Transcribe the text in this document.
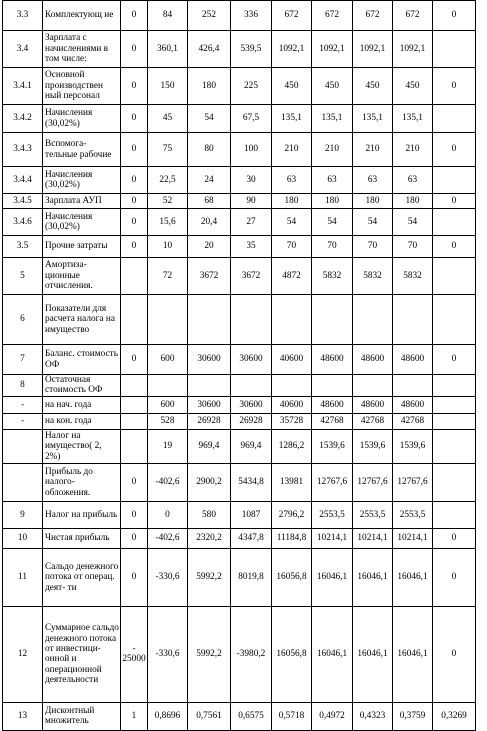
3.3	Комплектующ ие	0	84	252	336	672	672	672	672	0
3.4	Зарплата с начислениями в том числе:	0	360,1	426,4	539,5	1092,1	1092,1	1092,1	1092,1	
3.4.1	Основной производствен ный персонал	0	150	180	225	450	450	450	450	0
3.4.2	Начисления (30,02%)	0	45	54	67,5	135,1	135,1	135,1	135,1	
3.4.3	Вспомога- тельные рабочие	0	75	80	100	210	210	210	210	0
3.4.4	Начисления (30,02%)	0	22,5	24	30	63	63	63	63	
3.4.5	Зарплата АУП	0	52	68	90	180	180	180	180	0
3.4.6	Начисления (30,02%)	0	15,6	20,4	27	54	54	54	54	
3.5	Прочие затраты	0	10	20	35	70	70	70	70	0
5	Амортиза- ционные отчисления.		72	3672	3672	4872	5832	5832	5832	
6	Показатели для расчета налога на имущество									
7	Баланс. стоимость ОФ	0	600	30600	30600	40600	48600	48600	48600	0
8	Остаточная стоимость ОФ									
-	на нач. года		600	30600	30600	40600	48600	48600	48600	
-	на кон. года		528	26928	26928	35728	42768	42768	42768	
	Налог на имущество( 2, 2%)		19	969,4	969,4	1286,2	1539,6	1539,6	1539,6	
	Прибыль до налого- обложения.	0	-402,6	2900,2	5434,8	13981	12767,6	12767,6	12767,6	
9	Налог на прибыль	0	0	580	1087	2796,2	2553,5	2553,5	2553,5	
10	Чистая прибыль	0	-402,6	2320,2	4347,8	11184,8	10214,1	10214,1	10214,1	0
11	Сальдо денежного потока от операц. деят- ти	0	-330,6	5992,2	8019,8	16056,8	16046,1	16046,1	16046,1	0
12	Суммарное сальдо денежного потока от инвестици- онной и операционной деятельности	- 25000	-330,6	5992,2	-3980,2	16056,8	16046,1	16046,1	16046,1	0
13	Дисконтный множитель	1	0,8696	0,7561	0,6575	0,5718	0,4972	0,4323	0,3759	0,3269
